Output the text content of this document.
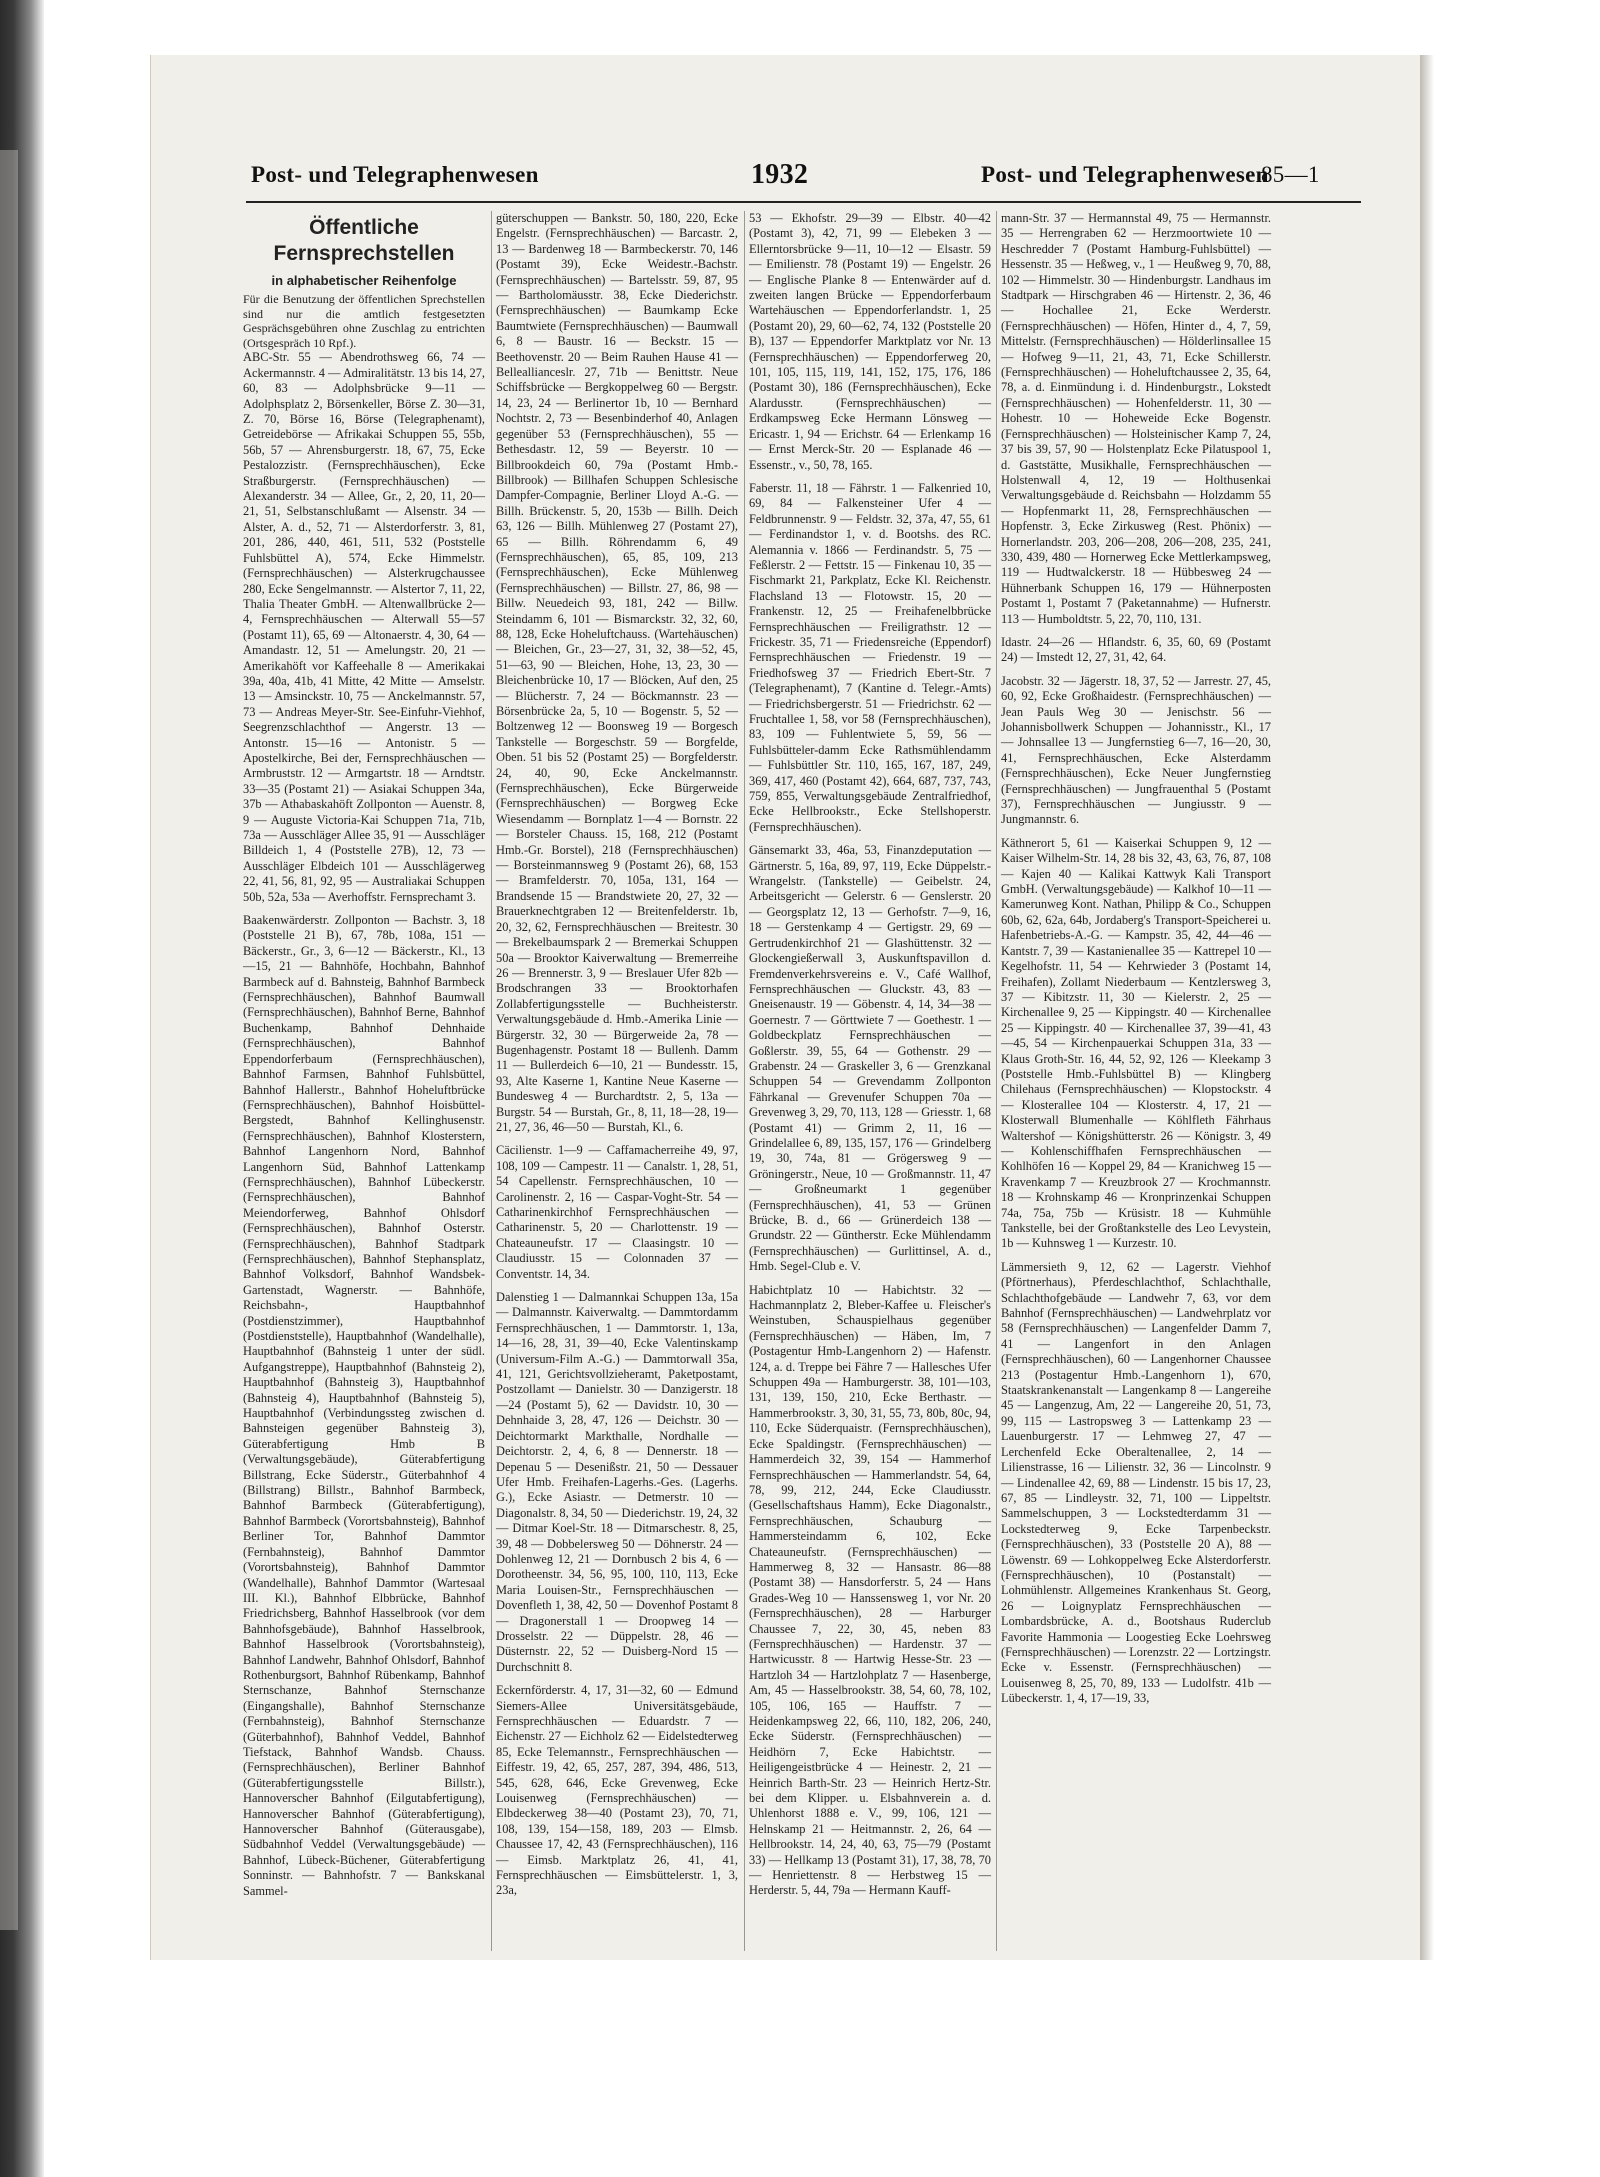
Post- und Telegraphenwesen	1932	Post- und Telegraphenwesen
85—1
Öffentliche
Fernsprechstellen
in alphabetischer Reihenfolge

Für die Benutzung der öffentlichen Sprechstellen sind nur die amtlich festgesetzten Gesprächsgebühren ohne Zuschlag zu entrichten (Ortsgespräch 10 Rpf.).

ABC-Str. 55 — Abendrothsweg 66, 74 — Ackermannstr. 4 — Admiralitätstr. 13 bis 14, 27, 60, 83 — Adolphsbrücke 9—11 — Adolphsplatz 2, Börsenkeller, Börse Z. 30—31, Z. 70, Börse 16, Börse (Telegraphenamt), Getreidebörse — Afrikakai Schuppen 55, 55b, 56b, 57 — Ahrensburgerstr. 18, 67, 75, Ecke Pestalozzistr. (Fernsprechhäuschen), Ecke Straßburgerstr. (Fernsprechhäuschen) — Alexanderstr. 34 — Allee, Gr., 2, 20, 11, 20—21, 51, Selbstanschlußamt — Alsenstr. 34 — Alster, A. d., 52, 71 — Alsterdorferstr. 3, 81, 201, 286, 440, 461, 511, 532 (Poststelle Fuhlsbüttel A), 574, Ecke Himmelstr. (Fernsprechhäuschen) — Alsterkrugchaussee 280, Ecke Sengelmannstr. — Alstertor 7, 11, 22, Thalia Theater GmbH. — Altenwallbrücke 2—4, Fernsprechhäuschen — Alterwall 55—57 (Postamt 11), 65, 69 — Altonaerstr. 4, 30, 64 — Amandastr. 12, 51 — Amelungstr. 20, 21 — Amerikahöft vor Kaffeehalle 8 — Amerikakai 39a, 40a, 41b, 41 Mitte, 42 Mitte — Amselstr. 13 — Amsinckstr. 10, 75 — Anckelmannstr. 57, 73 — Andreas Meyer-Str. See-Einfuhr-Viehhof, Seegrenzschlachthof — Angerstr. 13 — Antonstr. 15—16 — Antonistr. 5 — Apostelkirche, Bei der, Fernsprechhäuschen — Armbruststr. 12 — Armgartstr. 18 — Arndtstr. 33—35 (Postamt 21) — Asiakai Schuppen 34a, 37b — Athabaskahöft Zollponton — Auenstr. 8, 9 — Auguste Victoria-Kai Schuppen 71a, 71b, 73a — Ausschläger Allee 35, 91 — Ausschläger Billdeich 1, 4 (Poststelle 27B), 12, 73 — Ausschläger Elbdeich 101 — Ausschlägerweg 22, 41, 56, 81, 92, 95 — Australiakai Schuppen 50b, 52a, 53a — Averhoffstr. Fernsprechamt 3.

Baakenwärderstr. Zollponton — Bachstr. 3, 18 (Poststelle 21 B), 67, 78b, 108a, 151 — Bäckerstr., Gr., 3, 6—12 — Bäckerstr., Kl., 13—15, 21 — Bahnhöfe, Hochbahn, Bahnhof Barmbeck auf d. Bahnsteig, Bahnhof Barmbeck (Fernsprechhäuschen), Bahnhof Baumwall (Fernsprechhäuschen), Bahnhof Berne, Bahnhof Buchenkamp, Bahnhof Dehnhaide (Fernsprechhäuschen), Bahnhof Eppendorferbaum (Fernsprechhäuschen), Bahnhof Farmsen, Bahnhof Fuhlsbüttel, Bahnhof Hallerstr., Bahnhof Hoheluftbrücke (Fernsprechhäuschen), Bahnhof Hoisbüttel-Bergstedt, Bahnhof Kellinghusenstr. (Fernsprechhäuschen), Bahnhof Klosterstern, Bahnhof Langenhorn Nord, Bahnhof Langenhorn Süd, Bahnhof Lattenkamp (Fernsprechhäuschen), Bahnhof Lübeckerstr. (Fernsprechhäuschen), Bahnhof Meiendorferweg, Bahnhof Ohlsdorf (Fernsprechhäuschen), Bahnhof Osterstr. (Fernsprechhäuschen), Bahnhof Stadtpark (Fernsprechhäuschen), Bahnhof Stephansplatz, Bahnhof Volksdorf, Bahnhof Wandsbek-Gartenstadt, Wagnerstr. — Bahnhöfe, Reichsbahn-, Hauptbahnhof (Postdienstzimmer), Hauptbahnhof (Postdienststelle), Hauptbahnhof (Wandelhalle), Hauptbahnhof (Bahnsteig 1 unter der südl. Aufgangstreppe), Hauptbahnhof (Bahnsteig 2), Hauptbahnhof (Bahnsteig 3), Hauptbahnhof (Bahnsteig 4), Hauptbahnhof (Bahnsteig 5), Hauptbahnhof (Verbindungssteg zwischen d. Bahnsteigen gegenüber Bahnsteig 3), Güterabfertigung Hmb B (Verwaltungsgebäude), Güterabfertigung Billstrang, Ecke Süderstr., Güterbahnhof 4 (Billstrang) Billstr., Bahnhof Barmbeck, Bahnhof Barmbeck (Güterabfertigung), Bahnhof Barmbeck (Vorortsbahnsteig), Bahnhof Berliner Tor, Bahnhof Dammtor (Fernbahnsteig), Bahnhof Dammtor (Vorortsbahnsteig), Bahnhof Dammtor (Wandelhalle), Bahnhof Dammtor (Wartesaal III. Kl.), Bahnhof Elbbrücke, Bahnhof Friedrichsberg, Bahnhof Hasselbrook (vor dem Bahnhofsgebäude), Bahnhof Hasselbrook, Bahnhof Hasselbrook (Vorortsbahnsteig), Bahnhof Landwehr, Bahnhof Ohlsdorf, Bahnhof Rothenburgsort, Bahnhof Rübenkamp, Bahnhof Sternschanze, Bahnhof Sternschanze (Eingangshalle), Bahnhof Sternschanze (Fernbahnsteig), Bahnhof Sternschanze (Güterbahnhof), Bahnhof Veddel, Bahnhof Tiefstack, Bahnhof Wandsb. Chauss. (Fernsprechhäuschen), Berliner Bahnhof (Güterabfertigungsstelle Billstr.), Hannoverscher Bahnhof (Eilgutabfertigung), Hannoverscher Bahnhof (Güterabfertigung), Hannoverscher Bahnhof (Güterausgabe), Südbahnhof Veddel (Verwaltungsgebäude) — Bahnhof, Lübeck-Büchener, Güterabfertigung Sonninstr. — Bahnhofstr. 7 — Bankskanal Sammel-

güterschuppen — Bankstr. 50, 180, 220, Ecke Engelstr. (Fernsprechhäuschen) — Barcastr. 2, 13 — Bardenweg 18 — Barmbeckerstr. 70, 146 (Postamt 39), Ecke Weidestr.-Bachstr. (Fernsprechhäuschen) — Bartelsstr. 59, 87, 95 — Bartholomäusstr. 38, Ecke Diederichstr. (Fernsprechhäuschen) — Baumkamp Ecke Baumtwiete (Fernsprechhäuschen) — Baumwall 6, 8 — Baustr. 16 — Beckstr. 15 — Beethovenstr. 20 — Beim Rauhen Hause 41 — Belleallianceslr. 27, 71b — Benittstr. Neue Schiffsbrücke — Bergkoppelweg 60 — Bergstr. 14, 23, 24 — Berlinertor 1b, 10 — Bernhard Nochtstr. 2, 73 — Besenbinderhof 40, Anlagen gegenüber 53 (Fernsprechhäuschen), 55 — Bethesdastr. 12, 59 — Beyerstr. 10 — Billbrookdeich 60, 79a (Postamt Hmb.-Billbrook) — Billhafen Schuppen Schlesische Dampfer-Compagnie, Berliner Lloyd A.-G. — Billh. Brückenstr. 5, 20, 153b — Billh. Deich 63, 126 — Billh. Mühlenweg 27 (Postamt 27), 65 — Billh. Röhrendamm 6, 49 (Fernsprechhäuschen), 65, 85, 109, 213 (Fernsprechhäuschen), Ecke Mühlenweg (Fernsprechhäuschen) — Billstr. 27, 86, 98 — Billw. Neuedeich 93, 181, 242 — Billw. Steindamm 6, 101 — Bismarckstr. 32, 32, 60, 88, 128, Ecke Hoheluftchauss. (Wartehäuschen) — Bleichen, Gr., 23—27, 31, 32, 38—52, 45, 51—63, 90 — Bleichen, Hohe, 13, 23, 30 — Bleichenbrücke 10, 17 — Blöcken, Auf den, 25 — Blücherstr. 7, 24 — Böckmannstr. 23 — Börsenbrücke 2a, 5, 10 — Bogenstr. 5, 52 — Boltzenweg 12 — Boonsweg 19 — Borgesch Tankstelle — Borgeschstr. 59 — Borgfelde, Oben. 51 bis 52 (Postamt 25) — Borgfelderstr. 24, 40, 90, Ecke Anckelmannstr. (Fernsprechhäuschen), Ecke Bürgerweide (Fernsprechhäuschen) — Borgweg Ecke Wiesendamm — Bornplatz 1—4 — Bornstr. 22 — Borsteler Chauss. 15, 168, 212 (Postamt Hmb.-Gr. Borstel), 218 (Fernsprechhäuschen) — Borsteinmannsweg 9 (Postamt 26), 68, 153 — Bramfelderstr. 70, 105a, 131, 164 — Brandsende 15 — Brandstwiete 20, 27, 32 — Brauerknechtgraben 12 — Breitenfelderstr. 1b, 20, 32, 62, Fernsprechhäuschen — Breitestr. 30 — Brekelbaumspark 2 — Bremerkai Schuppen 50a — Brooktor Kaiverwaltung — Bremerreihe 26 — Brennerstr. 3, 9 — Breslauer Ufer 82b — Brodschrangen 33 — Brooktorhafen Zollabfertigungsstelle — Buchheisterstr. Verwaltungsgebäude d. Hmb.-Amerika Linie — Bürgerstr. 32, 30 — Bürgerweide 2a, 78 — Bugenhagenstr. Postamt 18 — Bullenh. Damm 11 — Bullerdeich 6—10, 21 — Bundesstr. 15, 93, Alte Kaserne 1, Kantine Neue Kaserne — Bundesweg 4 — Burchardtstr. 2, 5, 13a — Burgstr. 54 — Burstah, Gr., 8, 11, 18—28, 19—21, 27, 36, 46—50 — Burstah, Kl., 6.

Cäcilienstr. 1—9 — Caffamacherreihe 49, 97, 108, 109 — Campestr. 11 — Canalstr. 1, 28, 51, 54 Capellenstr. Fernsprechhäuschen, 10 — Carolinenstr. 2, 16 — Caspar-Voght-Str. 54 — Catharinenkirchhof Fernsprechhäuschen — Catharinenstr. 5, 20 — Charlottenstr. 19 — Chateauneufstr. 17 — Claasingstr. 10 — Claudiusstr. 15 — Colonnaden 37 — Conventstr. 14, 34.

Dalenstieg 1 — Dalmannkai Schuppen 13a, 15a — Dalmannstr. Kaiverwaltg. — Dammtordamm Fernsprechhäuschen, 1 — Dammtorstr. 1, 13a, 14—16, 28, 31, 39—40, Ecke Valentinskamp (Universum-Film A.-G.) — Dammtorwall 35a, 41, 121, Gerichtsvollzieheramt, Paketpostamt, Postzollamt — Danielstr. 30 — Danzigerstr. 18—24 (Postamt 5), 62 — Davidstr. 10, 30 — Dehnhaide 3, 28, 47, 126 — Deichstr. 30 — Deichtormarkt Markthalle, Nordhalle — Deichtorstr. 2, 4, 6, 8 — Dennerstr. 18 — Depenau 5 — Desenißstr. 21, 50 — Dessauer Ufer Hmb. Freihafen-Lagerhs.-Ges. (Lagerhs. G.), Ecke Asiastr. — Detmerstr. 10 — Diagonalstr. 8, 34, 50 — Diederichstr. 19, 24, 32 — Ditmar Koel-Str. 18 — Ditmarschestr. 8, 25, 39, 48 — Dobbelersweg 50 — Döhnerstr. 24 — Dohlenweg 12, 21 — Dornbusch 2 bis 4, 6 — Dorotheenstr. 34, 56, 95, 100, 110, 113, Ecke Maria Louisen-Str., Fernsprechhäuschen — Dovenfleth 1, 38, 42, 50 — Dovenhof Postamt 8 — Dragonerstall 1 — Droopweg 14 — Drosselstr. 22 — Düppelstr. 28, 46 — Düsternstr. 22, 52 — Duisberg-Nord 15 — Durchschnitt 8.

Eckernförderstr. 4, 17, 31—32, 60 — Edmund Siemers-Allee Universitätsgebäude, Fernsprechhäuschen — Eduardstr. 7 — Eichenstr. 27 — Eichholz 62 — Eidelstedterweg 85, Ecke Telemannstr., Fernsprechhäuschen — Eiffestr. 19, 42, 65, 257, 287, 394, 486, 513, 545, 628, 646, Ecke Grevenweg, Ecke Louisenweg (Fernsprechhäuschen) — Elbdeckerweg 38—40 (Postamt 23), 70, 71, 108, 139, 154—158, 189, 203 — Elmsb. Chaussee 17, 42, 43 (Fernsprechhäuschen), 116 — Eimsb. Marktplatz 26, 41, 41, Fernsprechhäuschen — Eimsbüttelerstr. 1, 3, 23a,

53 — Ekhofstr. 29—39 — Elbstr. 40—42 (Postamt 3), 42, 71, 99 — Elebeken 3 — Ellerntorsbrücke 9—11, 10—12 — Elsastr. 59 — Emilienstr. 78 (Postamt 19) — Engelstr. 26 — Englische Planke 8 — Entenwärder auf d. zweiten langen Brücke — Eppendorferbaum Wartehäuschen — Eppendorferlandstr. 1, 25 (Postamt 20), 29, 60—62, 74, 132 (Poststelle 20 B), 137 — Eppendorfer Marktplatz vor Nr. 13 (Fernsprechhäuschen) — Eppendorferweg 20, 101, 105, 115, 119, 141, 152, 175, 176, 186 (Postamt 30), 186 (Fernsprechhäuschen), Ecke Alardusstr. (Fernsprechhäuschen) — Erdkampsweg Ecke Hermann Lönsweg — Ericastr. 1, 94 — Erichstr. 64 — Erlenkamp 16 — Ernst Merck-Str. 20 — Esplanade 46 — Essenstr., v., 50, 78, 165.

Faberstr. 11, 18 — Fährstr. 1 — Falkenried 10, 69, 84 — Falkensteiner Ufer 4 — Feldbrunnenstr. 9 — Feldstr. 32, 37a, 47, 55, 61 — Ferdinandstor 1, v. d. Bootshs. des RC. Alemannia v. 1866 — Ferdinandstr. 5, 75 — Feßlerstr. 2 — Fettstr. 15 — Finkenau 10, 35 — Fischmarkt 21, Parkplatz, Ecke Kl. Reichenstr. Flachsland 13 — Flotowstr. 15, 20 — Frankenstr. 12, 25 — Freihafenelbbrücke Fernsprechhäuschen — Freiligrathstr. 12 — Frickestr. 35, 71 — Friedensreiche (Eppendorf) Fernsprechhäuschen — Friedenstr. 19 — Friedhofsweg 37 — Friedrich Ebert-Str. 7 (Telegraphenamt), 7 (Kantine d. Telegr.-Amts) — Friedrichsbergerstr. 51 — Friedrichstr. 62 — Fruchtallee 1, 58, vor 58 (Fernsprechhäuschen), 83, 109 — Fuhlentwiete 5, 59, 56 — Fuhlsbütteler-damm Ecke Rathsmühlendamm — Fuhlsbüttler Str. 110, 165, 167, 187, 249, 369, 417, 460 (Postamt 42), 664, 687, 737, 743, 759, 855, Verwaltungsgebäude Zentralfriedhof, Ecke Hellbrookstr., Ecke Stellshoperstr. (Fernsprechhäuschen).

Gänsemarkt 33, 46a, 53, Finanzdeputation — Gärtnerstr. 5, 16a, 89, 97, 119, Ecke Düppelstr.-Wrangelstr. (Tankstelle) — Geibelstr. 24, Arbeitsgericht — Gelerstr. 6 — Genslerstr. 20 — Georgsplatz 12, 13 — Gerhofstr. 7—9, 16, 18 — Gerstenkamp 4 — Gertigstr. 29, 69 — Gertrudenkirchhof 21 — Glashüttenstr. 32 — Glockengießerwall 3, Auskunftspavillon d. Fremdenverkehrsvereins e. V., Café Wallhof, Fernsprechhäuschen — Gluckstr. 43, 83 — Gneisenaustr. 19 — Göbenstr. 4, 14, 34—38 — Goernestr. 7 — Görttwiete 7 — Goethestr. 1 — Goldbeckplatz Fernsprechhäuschen — Goßlerstr. 39, 55, 64 — Gothenstr. 29 — Grabenstr. 24 — Graskeller 3, 6 — Grenzkanal Schuppen 54 — Grevendamm Zollponton Fährkanal — Grevenufer Schuppen 70a — Grevenweg 3, 29, 70, 113, 128 — Griesstr. 1, 68 (Postamt 41) — Grimm 2, 11, 16 — Grindelallee 6, 89, 135, 157, 176 — Grindelberg 19, 30, 74a, 81 — Grögersweg 9 — Gröningerstr., Neue, 10 — Großmannstr. 11, 47 — Großneumarkt 1 gegenüber (Fernsprechhäuschen), 41, 53 — Grünen Brücke, B. d., 66 — Grünerdeich 138 — Grundstr. 22 — Güntherstr. Ecke Mühlendamm (Fernsprechhäuschen) — Gurlittinsel, A. d., Hmb. Segel-Club e. V.

Habichtplatz 10 — Habichtstr. 32 — Hachmannplatz 2, Bleber-Kaffee u. Fleischer's Weinstuben, Schauspielhaus gegenüber (Fernsprechhäuschen) — Häben, Im, 7 (Postagentur Hmb-Langenhorn 2) — Hafenstr. 124, a. d. Treppe bei Fähre 7 — Hallesches Ufer Schuppen 49a — Hamburgerstr. 38, 101—103, 131, 139, 150, 210, Ecke Berthastr. — Hammerbrookstr. 3, 30, 31, 55, 73, 80b, 80c, 94, 110, Ecke Süderquaistr. (Fernsprechhäuschen), Ecke Spaldingstr. (Fernsprechhäuschen) — Hammerdeich 32, 39, 154 — Hammerhof Fernsprechhäuschen — Hammerlandstr. 54, 64, 78, 99, 212, 244, Ecke Claudiusstr. (Gesellschaftshaus Hamm), Ecke Diagonalstr., Fernsprechhäuschen, Schauburg — Hammersteindamm 6, 102, Ecke Chateauneufstr. (Fernsprechhäuschen) — Hammerweg 8, 32 — Hansastr. 86—88 (Postamt 38) — Hansdorferstr. 5, 24 — Hans Grades-Weg 10 — Hanssensweg 1, vor Nr. 20 (Fernsprechhäuschen), 28 — Harburger Chaussee 7, 22, 30, 45, neben 83 (Fernsprechhäuschen) — Hardenstr. 37 — Hartwicusstr. 8 — Hartwig Hesse-Str. 23 — Hartzloh 34 — Hartzlohplatz 7 — Hasenberge, Am, 45 — Hasselbrookstr. 38, 54, 60, 78, 102, 105, 106, 165 — Hauffstr. 7 — Heidenkampsweg 22, 66, 110, 182, 206, 240, Ecke Süderstr. (Fernsprechhäuschen) — Heidhörn 7, Ecke Habichtstr. — Heiligengeistbrücke 4 — Heinestr. 2, 21 — Heinrich Barth-Str. 23 — Heinrich Hertz-Str. bei dem Klipper. u. Elsbahnverein a. d. Uhlenhorst 1888 e. V., 99, 106, 121 — Helnskamp 21 — Heitmannstr. 2, 26, 64 — Hellbrookstr. 14, 24, 40, 63, 75—79 (Postamt 33) — Hellkamp 13 (Postamt 31), 17, 38, 78, 70 — Henriettenstr. 8 — Herbstweg 15 — Herderstr. 5, 44, 79a — Hermann Kauff-

mann-Str. 37 — Hermannstal 49, 75 — Hermannstr. 35 — Herrengraben 62 — Herzmoortwiete 10 — Heschredder 7 (Postamt Hamburg-Fuhlsbüttel) — Hessenstr. 35 — Heßweg, v., 1 — Heußweg 9, 70, 88, 102 — Himmelstr. 30 — Hindenburgstr. Landhaus im Stadtpark — Hirschgraben 46 — Hirtenstr. 2, 36, 46 — Hochallee 21, Ecke Werderstr. (Fernsprechhäuschen) — Höfen, Hinter d., 4, 7, 59, Mittelstr. (Fernsprechhäuschen) — Hölderlinsallee 15 — Hofweg 9—11, 21, 43, 71, Ecke Schillerstr. (Fernsprechhäuschen) — Hoheluftchaussee 2, 35, 64, 78, a. d. Einmündung i. d. Hindenburgstr., Lokstedt (Fernsprechhäuschen) — Hohenfelderstr. 11, 30 — Hohestr. 10 — Hoheweide Ecke Bogenstr. (Fernsprechhäuschen) — Holsteinischer Kamp 7, 24, 37 bis 39, 57, 90 — Holstenplatz Ecke Pilatuspool 1, d. Gaststätte, Musikhalle, Fernsprechhäuschen — Holstenwall 4, 12, 19 — Holthusenkai Verwaltungsgebäude d. Reichsbahn — Holzdamm 55 — Hopfenmarkt 11, 28, Fernsprechhäuschen — Hopfenstr. 3, Ecke Zirkusweg (Rest. Phönix) — Hornerlandstr. 203, 206—208, 206—208, 235, 241, 330, 439, 480 — Hornerweg Ecke Mettlerkampsweg, 119 — Hudtwalckerstr. 18 — Hübbesweg 24 — Hühnerbank Schuppen 16, 179 — Hühnerposten Postamt 1, Postamt 7 (Paketannahme) — Hufnerstr. 113 — Humboldtstr. 5, 22, 70, 110, 131.

Idastr. 24—26 — Hflandstr. 6, 35, 60, 69 (Postamt 24) — Imstedt 12, 27, 31, 42, 64.

Jacobstr. 32 — Jägerstr. 18, 37, 52 — Jarrestr. 27, 45, 60, 92, Ecke Großhaidestr. (Fernsprechhäuschen) — Jean Pauls Weg 30 — Jenischstr. 56 — Johannisbollwerk Schuppen — Johannisstr., Kl., 17 — Johnsallee 13 — Jungfernstieg 6—7, 16—20, 30, 41, Fernsprechhäuschen, Ecke Alsterdamm (Fernsprechhäuschen), Ecke Neuer Jungfernstieg (Fernsprechhäuschen) — Jungfrauenthal 5 (Postamt 37), Fernsprechhäuschen — Jungiusstr. 9 — Jungmannstr. 6.

Käthnerort 5, 61 — Kaiserkai Schuppen 9, 12 — Kaiser Wilhelm-Str. 14, 28 bis 32, 43, 63, 76, 87, 108 — Kajen 40 — Kalikai Kattwyk Kali Transport GmbH. (Verwaltungsgebäude) — Kalkhof 10—11 — Kamerunweg Kont. Nathan, Philipp & Co., Schuppen 60b, 62, 62a, 64b, Jordaberg's Transport-Speicherei u. Hafenbetriebs-A.-G. — Kampstr. 35, 42, 44—46 — Kantstr. 7, 39 — Kastanienallee 35 — Kattrepel 10 — Kegelhofstr. 11, 54 — Kehrwieder 3 (Postamt 14, Freihafen), Zollamt Niederbaum — Kentzlersweg 3, 37 — Kibitzstr. 11, 30 — Kielerstr. 2, 25 — Kirchenallee 9, 25 — Kippingstr. 40 — Kirchenallee 25 — Kippingstr. 40 — Kirchenallee 37, 39—41, 43—45, 54 — Kirchenpauerkai Schuppen 31a, 33 — Klaus Groth-Str. 16, 44, 52, 92, 126 — Kleekamp 3 (Poststelle Hmb.-Fuhlsbüttel B) — Klingberg Chilehaus (Fernsprechhäuschen) — Klopstockstr. 4 — Klosterallee 104 — Klosterstr. 4, 17, 21 — Klosterwall Blumenhalle — Köhlfleth Fährhaus Waltershof — Königshütterstr. 26 — Königstr. 3, 49 — Kohlenschiffhafen Fernsprechhäuschen — Kohlhöfen 16 — Koppel 29, 84 — Kranichweg 15 — Kravenkamp 7 — Kreuzbrook 27 — Krochmannstr. 18 — Krohnskamp 46 — Kronprinzenkai Schuppen 74a, 75a, 75b — Krüsistr. 18 — Kuhmühle Tankstelle, bei der Großtankstelle des Leo Levystein, 1b — Kuhnsweg 1 — Kurzestr. 10.

Lämmersieth 9, 12, 62 — Lagerstr. Viehhof (Pförtnerhaus), Pferdeschlachthof, Schlachthalle, Schlachthofgebäude — Landwehr 7, 63, vor dem Bahnhof (Fernsprechhäuschen) — Landwehrplatz vor 58 (Fernsprechhäuschen) — Langenfelder Damm 7, 41 — Langenfort in den Anlagen (Fernsprechhäuschen), 60 — Langenhorner Chaussee 213 (Postagentur Hmb.-Langenhorn 1), 670, Staatskrankenanstalt — Langenkamp 8 — Langereihe 45 — Langenzug, Am, 22 — Langereihe 20, 51, 73, 99, 115 — Lastropsweg 3 — Lattenkamp 23 — Lauenburgerstr. 17 — Lehmweg 27, 47 — Lerchenfeld Ecke Oberaltenallee, 2, 14 — Lilienstrasse, 16 — Lilienstr. 32, 36 — Lincolnstr. 9 — Lindenallee 42, 69, 88 — Lindenstr. 15 bis 17, 23, 67, 85 — Lindleystr. 32, 71, 100 — Lippeltstr. Sammelschuppen, 3 — Lockstedterdamm 31 — Lockstedterweg 9, Ecke Tarpenbeckstr. (Fernsprechhäuschen), 33 (Poststelle 20 A), 88 — Löwenstr. 69 — Lohkoppelweg Ecke Alsterdorferstr. (Fernsprechhäuschen), 10 (Postanstalt) — Lohmühlenstr. Allgemeines Krankenhaus St. Georg, 26 — Loignyplatz Fernsprechhäuschen — Lombardsbrücke, A. d., Bootshaus Ruderclub Favorite Hammonia — Loogestieg Ecke Loehrsweg (Fernsprechhäuschen) — Lorenzstr. 22 — Lortzingstr. Ecke v. Essenstr. (Fernsprechhäuschen) — Louisenweg 8, 25, 70, 89, 133 — Ludolfstr. 41b — Lübeckerstr. 1, 4, 17—19, 33,
